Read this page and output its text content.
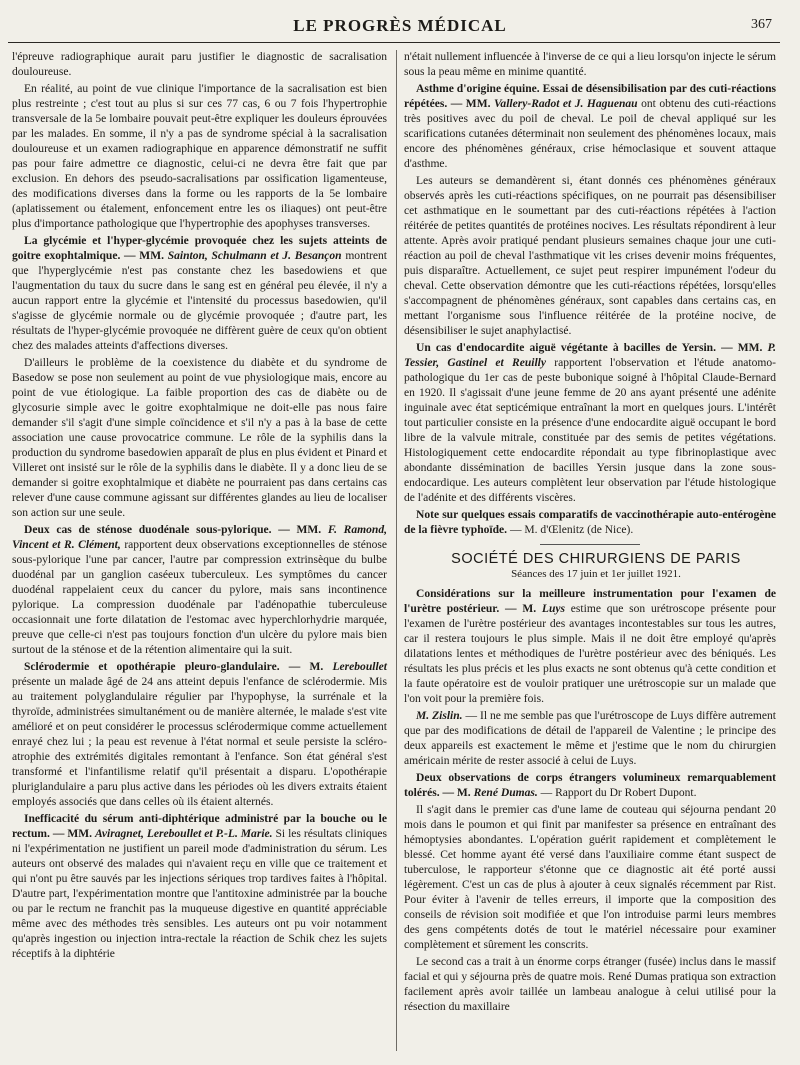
LE PROGRÈS MÉDICAL	367

l'épreuve radiographique aurait paru justifier le diagnostic de sacralisation douloureuse.

En réalité, au point de vue clinique l'importance de la sacralisation est bien plus restreinte ; c'est tout au plus si sur ces 77 cas, 6 ou 7 fois l'hypertrophie transversale de la 5e lombaire pouvait peut-être expliquer les douleurs éprouvées par les malades. En somme, il n'y a pas de syndrome spécial à la sacralisation douloureuse et un examen radiographique en apparence démonstratif ne suffit pas pour faire admettre ce diagnostic, celui-ci ne devra être fait que par exclusion. En dehors des pseudo-sacralisations par ossification ligamenteuse, des modifications diverses dans la forme ou les rapports de la 5e lombaire (aplatissement ou étalement, enfoncement entre les os iliaques) ont peut-être plus d'importance pathologique que l'hypertrophie des apophyses transverses.

La glycémie et l'hyper-glycémie provoquée chez les sujets atteints de goitre exophtalmique. — MM. Sainton, Schulmann et J. Besançon montrent que l'hyperglycémie n'est pas constante chez les basedowiens et que l'augmentation du taux du sucre dans le sang est en général peu élevée, il n'y a aucun rapport entre la glycémie et l'intensité du processus basedowien, qu'il s'agisse de glycémie normale ou de glycémie provoquée ; d'autre part, les résultats de l'hyper-glycémie provoquée ne diffèrent guère de ceux qu'on obtient chez des malades atteints d'affections diverses.

D'ailleurs le problème de la coexistence du diabète et du syndrome de Basedow se pose non seulement au point de vue physiologique mais, encore au point de vue étiologique. La faible proportion des cas de diabète ou de glycosurie simple avec le goitre exophtalmique ne doit-elle pas nous faire demander s'il s'agit d'une simple coïncidence et s'il n'y a pas à la base de cette association une cause provocatrice commune. Le rôle de la syphilis dans la production du syndrome basedowien apparaît de plus en plus évident et Pinard et Villeret ont insisté sur le rôle de la syphilis dans le diabète. Il y a donc lieu de se demander si goitre exophtalmique et diabète ne pourraient pas dans certains cas relever d'une cause commune agissant sur différentes glandes au lieu de localiser son action sur une seule.

Deux cas de sténose duodénale sous-pylorique. — MM. F. Ramond, Vincent et R. Clément, rapportent deux observations exceptionnelles de sténose sous-pylorique l'une par cancer, l'autre par compression extrinsèque du bulbe duodénal par un ganglion caséeux tuberculeux. Les symptômes du cancer duodénal rappelaient ceux du cancer du pylore, mais sans incontinence pylorique. La compression duodénale par l'adénopathie tuberculeuse occasionnait une forte dilatation de l'estomac avec hyperchlorhydrie marquée, preuve que celle-ci n'est pas toujours fonction d'un ulcère du pylore mais bien surtout de la sténose et de la rétention alimentaire qui la suit.

Sclérodermie et opothérapie pleuro-glandulaire. — M. Lereboullet présente un malade âgé de 24 ans atteint depuis l'enfance de sclérodermie. Mis au traitement polyglandulaire régulier par l'hypophyse, la surrénale et la thyroïde, administrées simultanément ou de manière alternée, le malade s'est vite amélioré et on peut considérer le processus sclérodermique comme actuellement enrayé chez lui ; la peau est revenue à l'état normal et seule persiste la scléro-atrophie des extrémités digitales remontant à l'enfance. Son état général s'est transformé et l'infantilisme relatif qu'il présentait a disparu. L'opothérapie pluriglandulaire a paru plus active dans les périodes où les divers extraits étaient employés associés que dans celles où ils étaient alternés.

Inefficacité du sérum anti-diphtérique administré par la bouche ou le rectum. — MM. Aviragnet, Lereboullet et P.-L. Marie. Si les résultats cliniques ni l'expérimentation ne justifient un pareil mode d'administration du sérum. Les auteurs ont observé des malades qui n'avaient reçu en ville que ce traitement et qui n'ont pu être sauvés par les injections sériques trop tardives faites à l'hôpital. D'autre part, l'expérimentation montre que l'antitoxine administrée par la bouche ou par le rectum ne franchit pas la muqueuse digestive en quantité appréciable même avec des méthodes très sensibles. Les auteurs ont pu voir notamment qu'après ingestion ou injection intra-rectale la réaction de Schik chez les sujets réceptifs à la diphtérie

n'était nullement influencée à l'inverse de ce qui a lieu lorsqu'on injecte le sérum sous la peau même en minime quantité.

Asthme d'origine équine. Essai de désensibilisation par des cuti-réactions répétées. — MM. Vallery-Radot et J. Haguenau ont obtenu des cuti-réactions très positives avec du poil de cheval. Le poil de cheval appliqué sur les scarifications cutanées déterminait non seulement des phénomènes locaux, mais encore des phénomènes généraux, crise hémoclasique et souvent attaque d'asthme.

Les auteurs se demandèrent si, étant donnés ces phénomènes généraux observés après les cuti-réactions spécifiques, on ne pourrait pas désensibiliser cet asthmatique en le soumettant par des cuti-réactions répétées à l'action réitérée de petites quantités de protéines nocives. Les résultats répondirent à leur attente. Après avoir pratiqué pendant plusieurs semaines chaque jour une cuti-réaction au poil de cheval l'asthmatique vit les crises devenir moins fréquentes, puis disparaître. Actuellement, ce sujet peut respirer impunément l'odeur du cheval. Cette observation démontre que les cuti-réactions répétées, lorsqu'elles s'accompagnent de phénomènes généraux, sont capables dans certains cas, en mettant l'organisme sous l'influence réitérée de la protéine nocive, de désensibiliser le sujet anaphylactisé.

Un cas d'endocardite aiguë végétante à bacilles de Yersin. — MM. P. Tessier, Gastinel et Reuilly rapportent l'observation et l'étude anatomo-pathologique du 1er cas de peste bubonique soigné à l'hôpital Claude-Bernard en 1920. Il s'agissait d'une jeune femme de 20 ans ayant présenté une adénite inguinale avec état septicémique entraînant la mort en quelques jours. L'intérêt tout particulier consiste en la présence d'une endocardite aiguë occupant le bord libre de la valvule mitrale, constituée par des semis de petites végétations. Histologiquement cette endocardite répondait au type fibrinoplastique avec abondante dissémination de bacilles Yersin jusque dans la zone sous-endocardique. Les auteurs complètent leur observation par l'étude histologique de l'adénite et des différents viscères.

Note sur quelques essais comparatifs de vaccinothérapie auto-entérogène de la fièvre typhoïde. — M. d'Œlenitz (de Nice).

SOCIÉTÉ DES CHIRURGIENS DE PARIS

Séances des 17 juin et 1er juillet 1921.

Considérations sur la meilleure instrumentation pour l'examen de l'urètre postérieur. — M. Luys estime que son urétroscope présente pour l'examen de l'urètre postérieur des avantages incontestables sur tous les autres, car il restera toujours le plus simple. Mais il ne doit être employé qu'après dilatations lentes et méthodiques de l'urètre postérieur avec des béniqués. Les résultats les plus précis et les plus exacts ne sont obtenus qu'à cette condition et la faute opératoire est de vouloir pratiquer une urétroscopie sur un malade que l'on voit pour la première fois.

M. Zislin. — Il ne me semble pas que l'urétroscope de Luys diffère autrement que par des modifications de détail de l'appareil de Valentine ; le principe des deux appareils est exactement le même et j'estime que le nom du chirurgien américain mérite de rester associé à celui de Luys.

Deux observations de corps étrangers volumineux remarquablement tolérés. — M. René Dumas. — Rapport du Dr Robert Dupont.

Il s'agit dans le premier cas d'une lame de couteau qui séjourna pendant 20 mois dans le poumon et qui finit par manifester sa présence en entraînant des hémoptysies abondantes. L'opération guérit rapidement et complètement le blessé. Cet homme ayant été versé dans l'auxiliaire comme étant suspect de tuberculose, le rapporteur s'étonne que ce diagnostic ait été porté aussi légèrement. C'est un cas de plus à ajouter à ceux signalés récemment par Rist. Pour éviter à l'avenir de telles erreurs, il importe que la composition des conseils de révision soit modifiée et que l'on introduise parmi leurs membres des gens compétents dotés de tout le matériel nécessaire pour examiner complètement et sûrement les conscrits.

Le second cas a trait à un énorme corps étranger (fusée) inclus dans le massif facial et qui y séjourna près de quatre mois. René Dumas pratiqua son extraction facilement après avoir taillée un lambeau analogue à celui utilisé pour la résection du maxillaire
